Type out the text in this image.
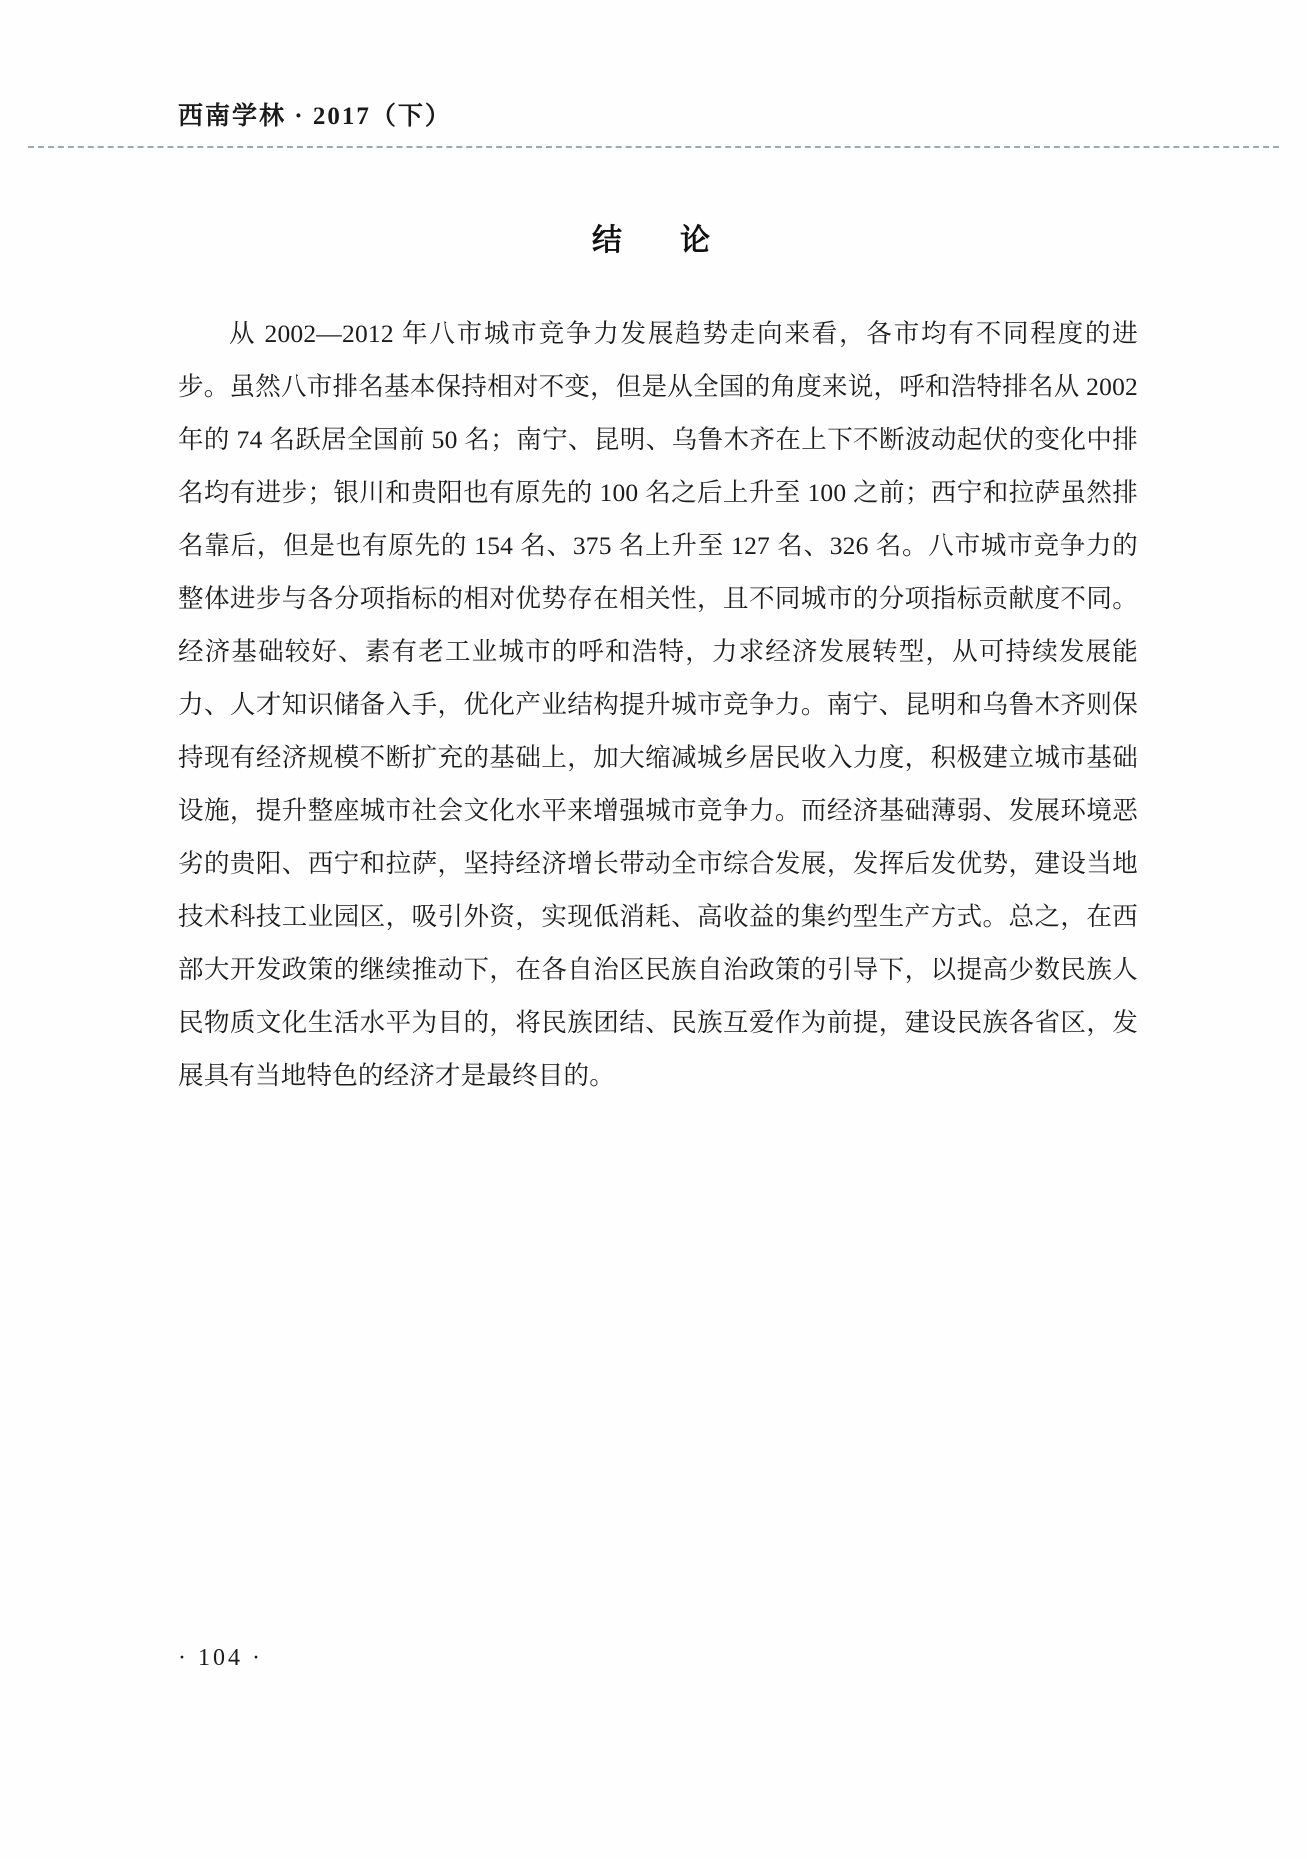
西南学林 · 2017（下）
结　论

从 2002—2012 年八市城市竞争力发展趋势走向来看，各市均有不同程度的进步。虽然八市排名基本保持相对不变，但是从全国的角度来说，呼和浩特排名从 2002 年的 74 名跃居全国前 50 名；南宁、昆明、乌鲁木齐在上下不断波动起伏的变化中排名均有进步；银川和贵阳也有原先的 100 名之后上升至 100 之前；西宁和拉萨虽然排名靠后，但是也有原先的 154 名、375 名上升至 127 名、326 名。八市城市竞争力的整体进步与各分项指标的相对优势存在相关性，且不同城市的分项指标贡献度不同。经济基础较好、素有老工业城市的呼和浩特，力求经济发展转型，从可持续发展能力、人才知识储备入手，优化产业结构提升城市竞争力。南宁、昆明和乌鲁木齐则保持现有经济规模不断扩充的基础上，加大缩减城乡居民收入力度，积极建立城市基础设施，提升整座城市社会文化水平来增强城市竞争力。而经济基础薄弱、发展环境恶劣的贵阳、西宁和拉萨，坚持经济增长带动全市综合发展，发挥后发优势，建设当地技术科技工业园区，吸引外资，实现低消耗、高收益的集约型生产方式。总之，在西部大开发政策的继续推动下，在各自治区民族自治政策的引导下，以提高少数民族人民物质文化生活水平为目的，将民族团结、民族互爱作为前提，建设民族各省区，发展具有当地特色的经济才是最终目的。

· 104 ·
